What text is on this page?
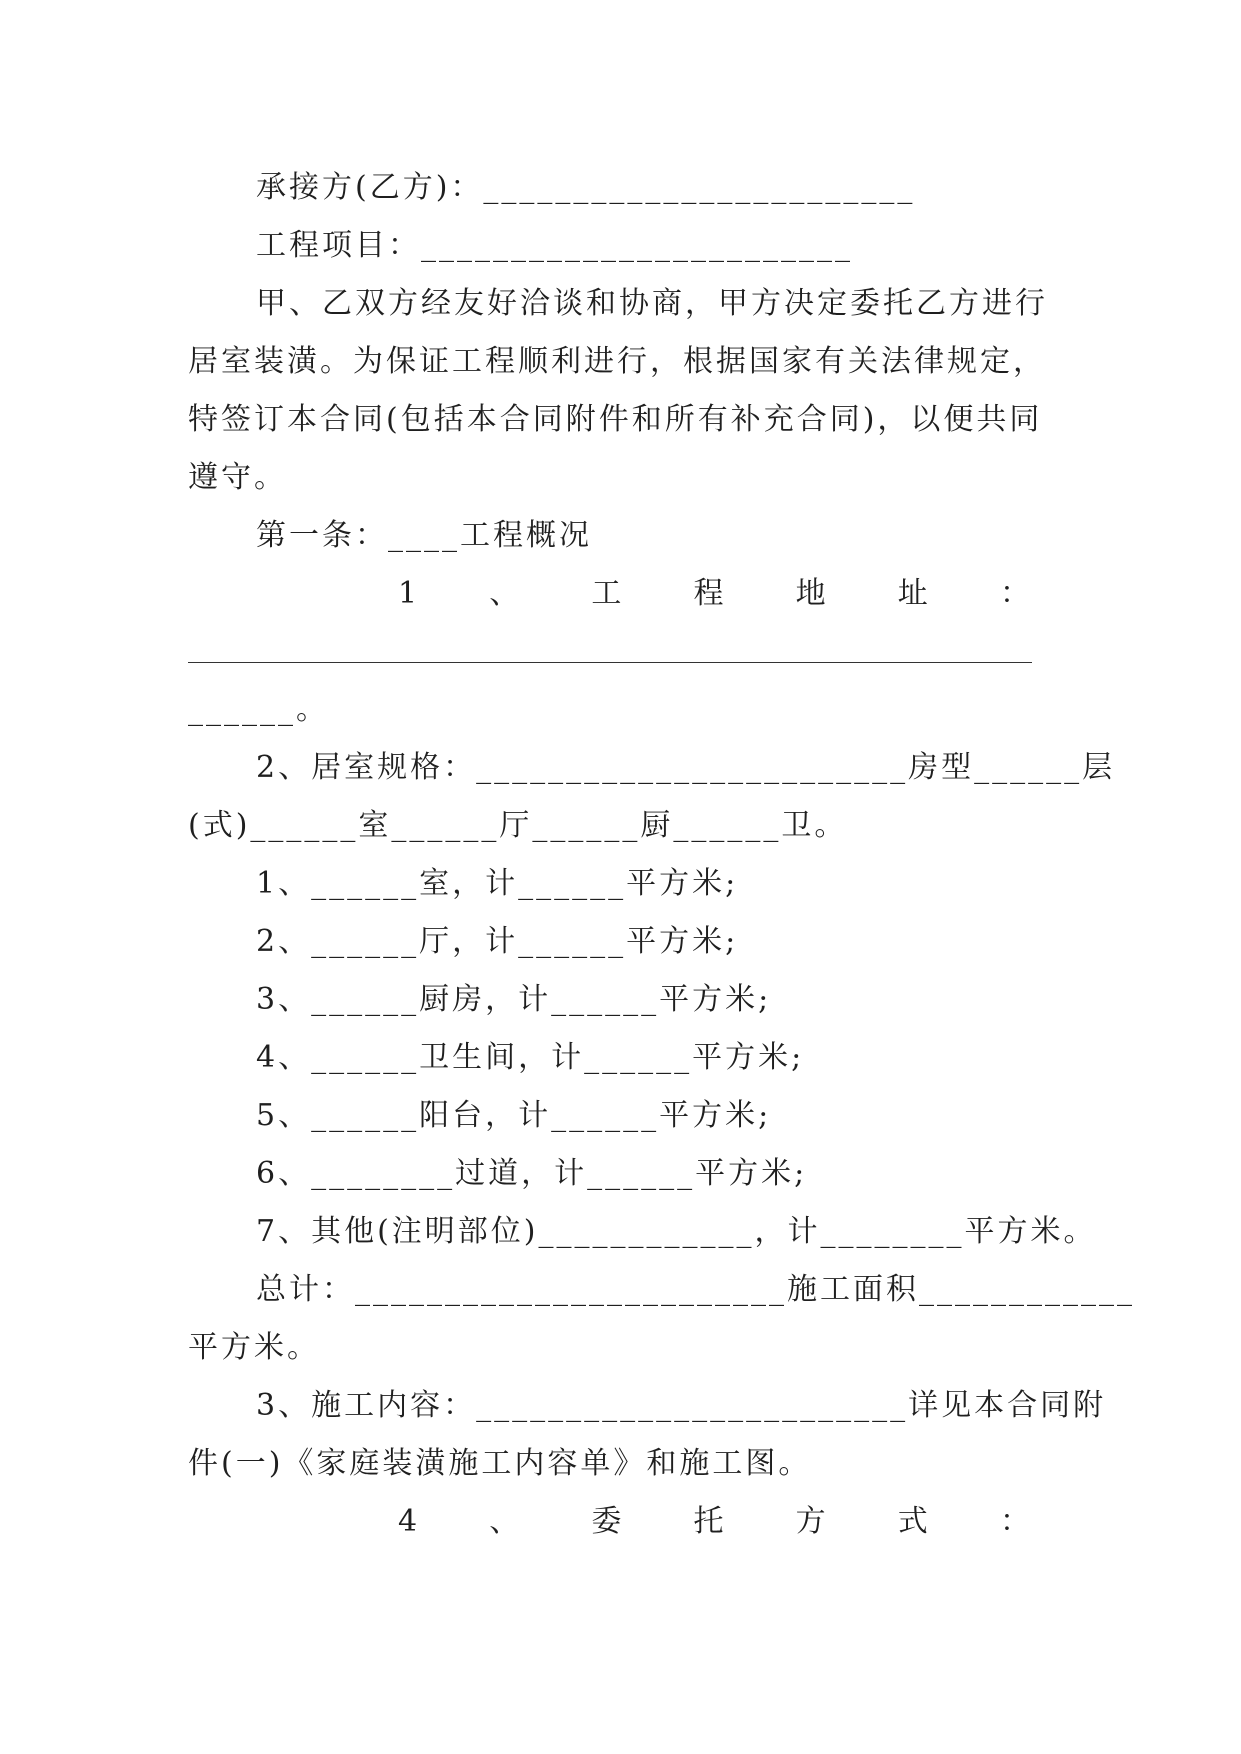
承接方(乙方)：________________________
工程项目：________________________
甲、乙双方经友好洽谈和协商，甲方决定委托乙方进行
居室装潢。为保证工程顺利进行，根据国家有关法律规定，
特签订本合同(包括本合同附件和所有补充合同)，以便共同
遵守。
第一条：____工程概况
1 、 工 程 地 址 ：
______。
2、居室规格：________________________房型______层
(式)______室______厅______厨______卫。
1、______室，计______平方米;
2、______厅，计______平方米;
3、______厨房，计______平方米;
4、______卫生间，计______平方米;
5、______阳台，计______平方米;
6、________过道，计______平方米;
7、其他(注明部位)____________，计________平方米。
总计：________________________施工面积____________
平方米。
3、施工内容：________________________详见本合同附
件(一)《家庭装潢施工内容单》和施工图。
4 、 委 托 方 式 ：
